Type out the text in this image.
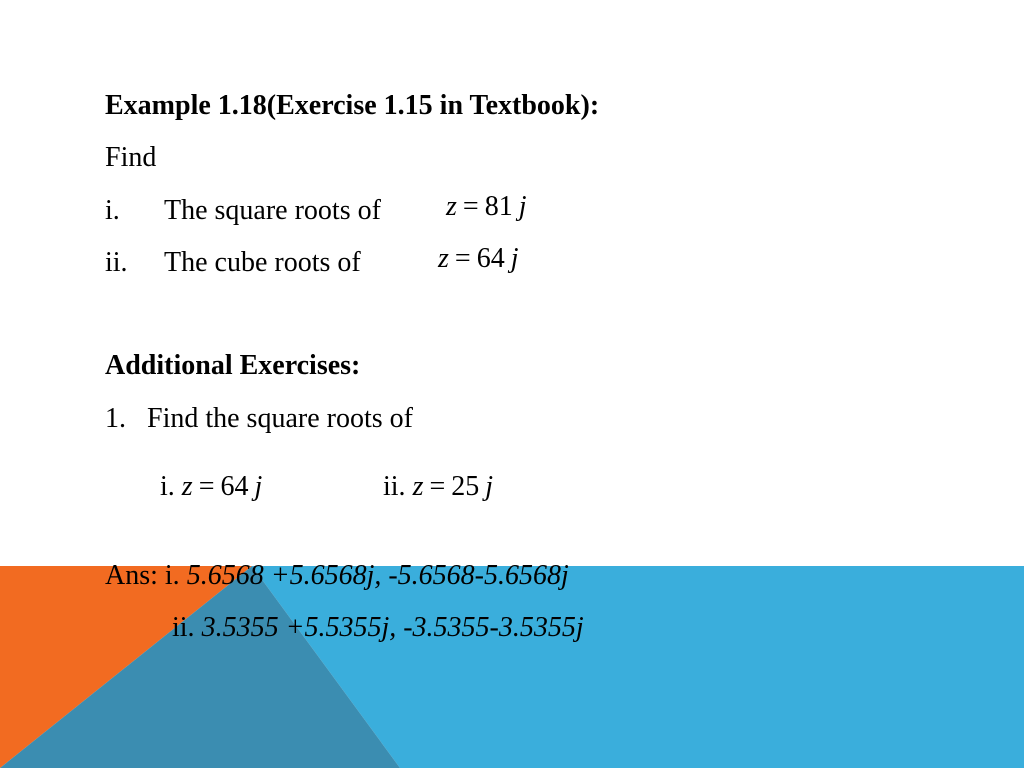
Example 1.18(Exercise 1.15 in Textbook):
Find
i. The square roots of z = 81 j
ii. The cube roots of	z = 64 j
Additional Exercises:
1.   Find the square roots of
i. z = 64 j	ii. z = 25 j
Ans: i. 5.6568 +5.6568j, -5.6568-5.6568j
ii. 3.5355 +5.5355j, -3.5355-3.5355j
